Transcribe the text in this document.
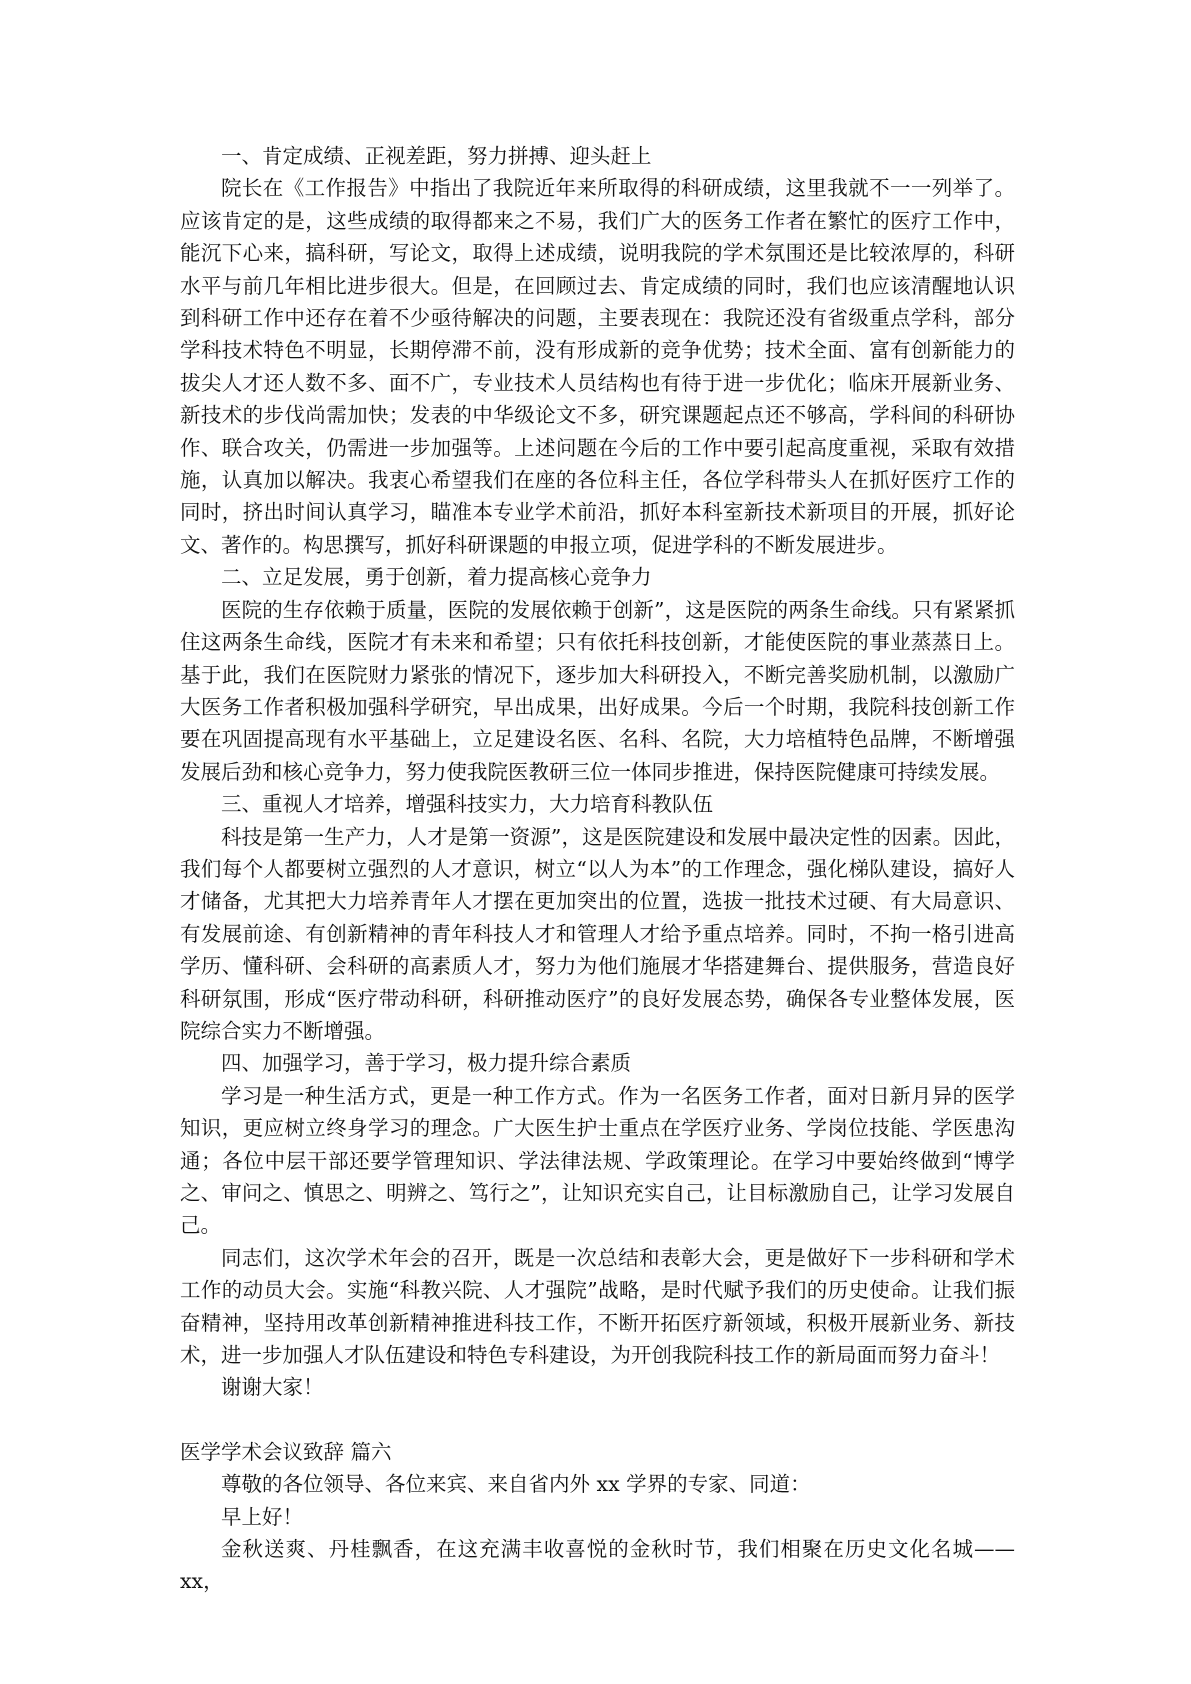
一、肯定成绩、正视差距，努力拼搏、迎头赶上

院长在《工作报告》中指出了我院近年来所取得的科研成绩，这里我就不一一列举了。应该肯定的是，这些成绩的取得都来之不易，我们广大的医务工作者在繁忙的医疗工作中，能沉下心来，搞科研，写论文，取得上述成绩，说明我院的学术氛围还是比较浓厚的，科研水平与前几年相比进步很大。但是，在回顾过去、肯定成绩的同时，我们也应该清醒地认识到科研工作中还存在着不少亟待解决的问题，主要表现在：我院还没有省级重点学科，部分学科技术特色不明显，长期停滞不前，没有形成新的竞争优势；技术全面、富有创新能力的拔尖人才还人数不多、面不广，专业技术人员结构也有待于进一步优化；临床开展新业务、新技术的步伐尚需加快；发表的中华级论文不多，研究课题起点还不够高，学科间的科研协作、联合攻关，仍需进一步加强等。上述问题在今后的工作中要引起高度重视，采取有效措施，认真加以解决。我衷心希望我们在座的各位科主任，各位学科带头人在抓好医疗工作的同时，挤出时间认真学习，瞄准本专业学术前沿，抓好本科室新技术新项目的开展，抓好论文、著作的。构思撰写，抓好科研课题的申报立项，促进学科的不断发展进步。

二、立足发展，勇于创新，着力提高核心竞争力

医院的生存依赖于质量，医院的发展依赖于创新”，这是医院的两条生命线。只有紧紧抓住这两条生命线，医院才有未来和希望；只有依托科技创新，才能使医院的事业蒸蒸日上。基于此，我们在医院财力紧张的情况下，逐步加大科研投入，不断完善奖励机制，以激励广大医务工作者积极加强科学研究，早出成果，出好成果。今后一个时期，我院科技创新工作要在巩固提高现有水平基础上，立足建设名医、名科、名院，大力培植特色品牌，不断增强发展后劲和核心竞争力，努力使我院医教研三位一体同步推进，保持医院健康可持续发展。

三、重视人才培养，增强科技实力，大力培育科教队伍

科技是第一生产力，人才是第一资源”，这是医院建设和发展中最决定性的因素。因此，我们每个人都要树立强烈的人才意识，树立“以人为本”的工作理念，强化梯队建设，搞好人才储备，尤其把大力培养青年人才摆在更加突出的位置，选拔一批技术过硬、有大局意识、有发展前途、有创新精神的青年科技人才和管理人才给予重点培养。同时，不拘一格引进高学历、懂科研、会科研的高素质人才，努力为他们施展才华搭建舞台、提供服务，营造良好科研氛围，形成“医疗带动科研，科研推动医疗”的良好发展态势，确保各专业整体发展，医院综合实力不断增强。

四、加强学习，善于学习，极力提升综合素质

学习是一种生活方式，更是一种工作方式。作为一名医务工作者，面对日新月异的医学知识，更应树立终身学习的理念。广大医生护士重点在学医疗业务、学岗位技能、学医患沟通；各位中层干部还要学管理知识、学法律法规、学政策理论。在学习中要始终做到“博学之、审问之、慎思之、明辨之、笃行之”，让知识充实自己，让目标激励自己，让学习发展自己。

同志们，这次学术年会的召开，既是一次总结和表彰大会，更是做好下一步科研和学术工作的动员大会。实施“科教兴院、人才强院”战略，是时代赋予我们的历史使命。让我们振奋精神，坚持用改革创新精神推进科技工作，不断开拓医疗新领域，积极开展新业务、新技术，进一步加强人才队伍建设和特色专科建设，为开创我院科技工作的新局面而努力奋斗！

谢谢大家！

医学学术会议致辞 篇六

尊敬的各位领导、各位来宾、来自省内外 xx 学界的专家、同道：

早上好！

金秋送爽、丹桂飘香，在这充满丰收喜悦的金秋时节，我们相聚在历史文化名城——xx，
